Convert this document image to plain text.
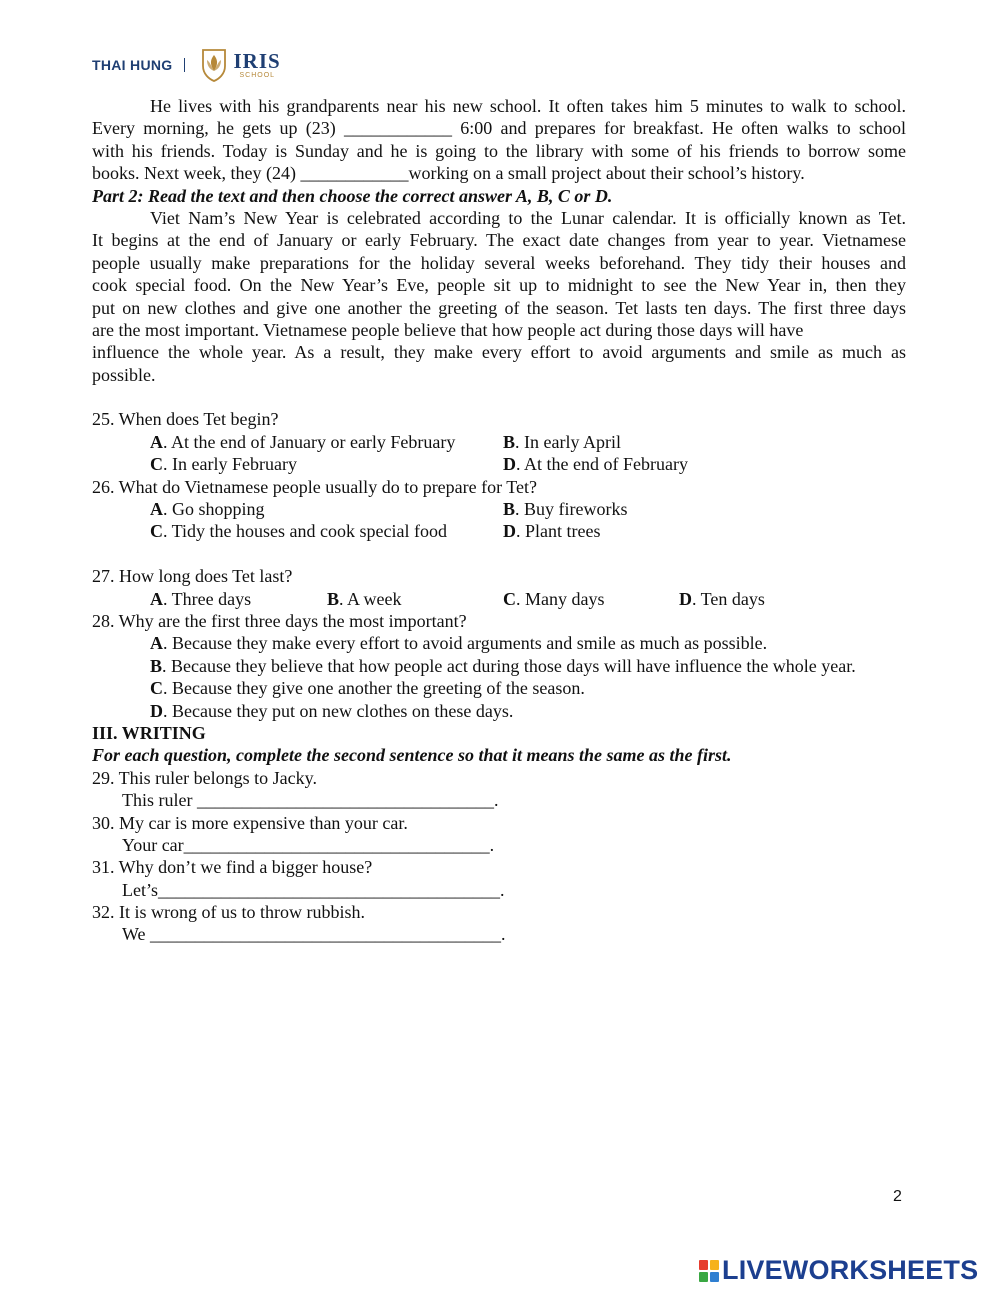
THAI HUNG	IRIS
SCHOOL
He lives with his grandparents near his new school. It often takes him 5 minutes to walk to school.
Every morning, he gets up (23) ____________ 6:00 and prepares for breakfast. He often walks to school
with his friends. Today is Sunday and he is going to the library with some of his friends to borrow some
books. Next week, they (24) ____________working on a small project about their school’s history.
Part 2: Read the text and then choose the correct answer A, B, C or D.
Viet Nam’s New Year is celebrated according to the Lunar calendar. It is officially known as Tet.
It begins at the end of January or early February. The exact date changes from year to year. Vietnamese
people usually make preparations for the holiday several weeks beforehand. They tidy their houses and
cook special food. On the New Year’s Eve, people sit up to midnight to see the New Year in, then they
put on new clothes and give one another the greeting of the season. Tet lasts ten days. The first three days
are the most important. Vietnamese people believe that how people act during those days will have
influence the whole year. As a result, they make every effort to avoid arguments and smile as much as
possible.
25. When does Tet begin?
A. At the end of January or early February	B. In early April
C. In early February	D. At the end of February
26. What do Vietnamese people usually do to prepare for Tet?
A. Go shopping	B. Buy fireworks
C. Tidy the houses and cook special food	D. Plant trees
27. How long does Tet last?
A. Three days	B. A week	C. Many days	D. Ten days
28. Why are the first three days the most important?
A. Because they make every effort to avoid arguments and smile as much as possible.
B. Because they believe that how people act during those days will have influence the whole year.
C. Because they give one another the greeting of the season.
D. Because they put on new clothes on these days.
III. WRITING
For each question, complete the second sentence so that it means the same as the first.
29. This ruler belongs to Jacky.
This ruler _________________________________.
30. My car is more expensive than your car.
Your car__________________________________.
31. Why don’t we find a bigger house?
Let’s______________________________________.
32. It is wrong of us to throw rubbish.
We _______________________________________.
2
LIVEWORKSHEETS
